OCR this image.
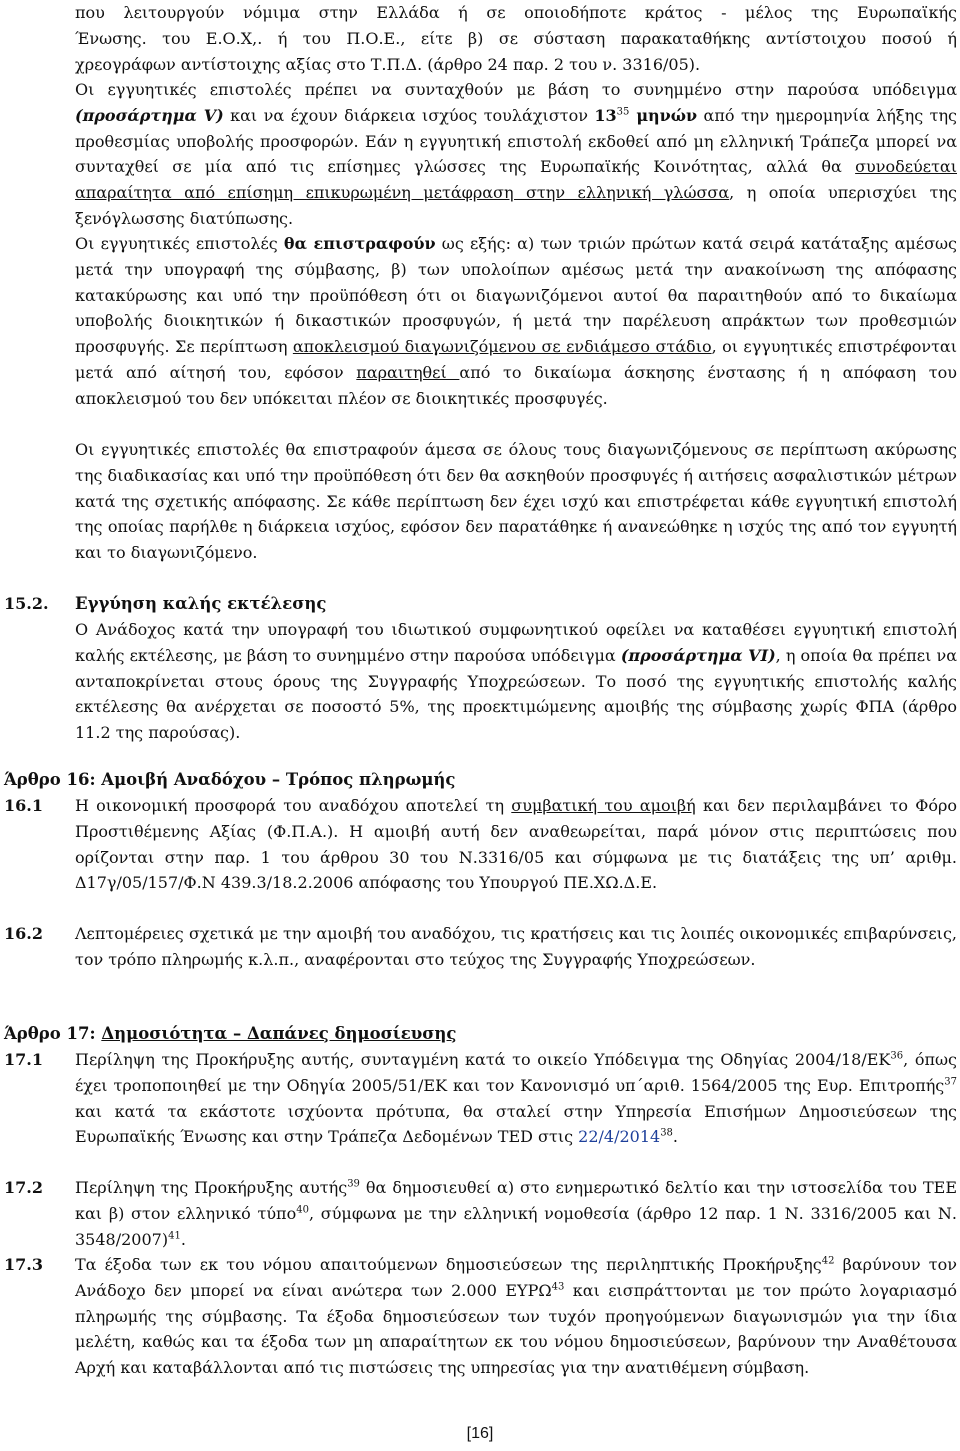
που λειτουργούν νόμιμα στην Ελλάδα ή σε οποιοδήποτε κράτος - μέλος της Ευρωπαϊκής
Ένωσης. του Ε.Ο.Χ,. ή του Π.Ο.Ε., είτε β) σε σύσταση παρακαταθήκης αντίστοιχου ποσού ή
χρεογράφων αντίστοιχης αξίας στο Τ.Π.Δ. (άρθρο 24 παρ. 2 του ν. 3316/05).
Οι εγγυητικές επιστολές πρέπει να συνταχθούν με βάση το συνημμένο στην παρούσα υπόδειγμα (προσάρτημα V) και να έχουν διάρκεια ισχύος τουλάχιστον $13^{35}$ μηνών από την ημερομηνία λήξης της προθεσμίας υποβολής προσφορών. Εάν η εγγυητική επιστολή εκδοθεί από μη ελληνική Τράπεζα μπορεί να συνταχθεί σε μία από τις επίσημες γλώσσες της Ευρωπαϊκής Κοινότητας, αλλά θα συνοδεύεται απαραίτητα από επίσημη επικυρωμένη μετάφραση στην ελληνική γλώσσα, η οποία υπερισχύει της ξενόγλωσσης διατύπωσης.
Οι εγγυητικές επιστολές θα επιστραφούν ως εξής: α) των τριών πρώτων κατά σειρά κατάταξης αμέσως μετά την υπογραφή της σύμβασης, β) των υπολοίπων αμέσως μετά την ανακοίνωση της απόφασης κατακύρωσης και υπό την προϋπόθεση ότι οι διαγωνιζόμενοι αυτοί θα παραιτηθούν από το δικαίωμα υποβολής διοικητικών ή δικαστικών προσφυγών, ή μετά την παρέλευση απράκτων των προθεσμιών προσφυγής. Σε περίπτωση αποκλεισμού διαγωνιζόμενου σε ενδιάμεσο στάδιο, οι εγγυητικές επιστρέφονται μετά από αίτησή του, εφόσον παραιτηθεί από το δικαίωμα άσκησης ένστασης ή η απόφαση του αποκλεισμού του δεν υπόκειται πλέον σε διοικητικές προσφυγές.
Οι εγγυητικές επιστολές θα επιστραφούν άμεσα σε όλους τους διαγωνιζόμενους σε περίπτωση ακύρωσης της διαδικασίας και υπό την προϋπόθεση ότι δεν θα ασκηθούν προσφυγές ή αιτήσεις ασφαλιστικών μέτρων κατά της σχετικής απόφασης. Σε κάθε περίπτωση δεν έχει ισχύ και επιστρέφεται κάθε εγγυητική επιστολή της οποίας παρήλθε η διάρκεια ισχύος, εφόσον δεν παρατάθηκε ή ανανεώθηκε η ισχύς της από τον εγγυητή και το διαγωνιζόμενο.
15.2. Εγγύηση καλής εκτέλεσης
Ο Ανάδοχος κατά την υπογραφή του ιδιωτικού συμφωνητικού οφείλει να καταθέσει εγγυητική επιστολή καλής εκτέλεσης, με βάση το συνημμένο στην παρούσα υπόδειγμα (προσάρτημα VI), η οποία θα πρέπει να ανταποκρίνεται στους όρους της Συγγραφής Υποχρεώσεων. Το ποσό της εγγυητικής επιστολής καλής εκτέλεσης θα ανέρχεται σε ποσοστό 5%, της προεκτιμώμενης αμοιβής της σύμβασης χωρίς ΦΠΑ (άρθρο 11.2 της παρούσας).
Άρθρο 16: Αμοιβή Αναδόχου – Τρόπος πληρωμής
16.1 Η οικονομική προσφορά του αναδόχου αποτελεί τη συμβατική του αμοιβή και δεν περιλαμβάνει το Φόρο Προστιθέμενης Αξίας (Φ.Π.Α.). Η αμοιβή αυτή δεν αναθεωρείται, παρά μόνον στις περιπτώσεις που ορίζονται στην παρ. 1 του άρθρου 30 του Ν.3316/05 και σύμφωνα με τις διατάξεις της υπ’ αριθμ. Δ17γ/05/157/Φ.Ν 439.3/18.2.2006 απόφασης του Υπουργού ΠΕ.ΧΩ.Δ.Ε.
16.2 Λεπτομέρειες σχετικά με την αμοιβή του αναδόχου, τις κρατήσεις και τις λοιπές οικονομικές επιβαρύνσεις, τον τρόπο πληρωμής κ.λ.π., αναφέρονται στο τεύχος της Συγγραφής Υποχρεώσεων.
Άρθρο 17: Δημοσιότητα – Δαπάνες δημοσίευσης
17.1 Περίληψη της Προκήρυξης αυτής, συνταγμένη κατά το οικείο Υπόδειγμα της Οδηγίας 2004/18/ΕΚ$^{36}$, όπως έχει τροποποιηθεί με την Οδηγία 2005/51/ΕΚ και τον Κανονισμό υπ΄αριθ. 1564/2005 της Ευρ. Επιτροπής$^{37}$ και κατά τα εκάστοτε ισχύοντα πρότυπα, θα σταλεί στην Υπηρεσία Επισήμων Δημοσιεύσεων της Ευρωπαϊκής Ένωσης και στην Τράπεζα Δεδομένων TED στις 22/4/2014$^{38}$.
17.2 Περίληψη της Προκήρυξης αυτής$^{39}$ θα δημοσιευθεί α) στο ενημερωτικό δελτίο και την ιστοσελίδα του ΤΕΕ και β) στον ελληνικό τύπο$^{40}$, σύμφωνα με την ελληνική νομοθεσία (άρθρο 12 παρ. 1 Ν. 3316/2005 και Ν. 3548/2007)$^{41}$.
17.3 Τα έξοδα των εκ του νόμου απαιτούμενων δημοσιεύσεων της περιληπτικής Προκήρυξης$^{42}$ βαρύνουν τον Ανάδοχο δεν μπορεί να είναι ανώτερα των 2.000 ΕΥΡΩ$^{43}$ και εισπράττονται με τον πρώτο λογαριασμό πληρωμής της σύμβασης. Τα έξοδα δημοσιεύσεων των τυχόν προηγούμενων διαγωνισμών για την ίδια μελέτη, καθώς και τα έξοδα των μη απαραίτητων εκ του νόμου δημοσιεύσεων, βαρύνουν την Αναθέτουσα Αρχή και καταβάλλονται από τις πιστώσεις της υπηρεσίας για την ανατιθέμενη σύμβαση.
[16]
